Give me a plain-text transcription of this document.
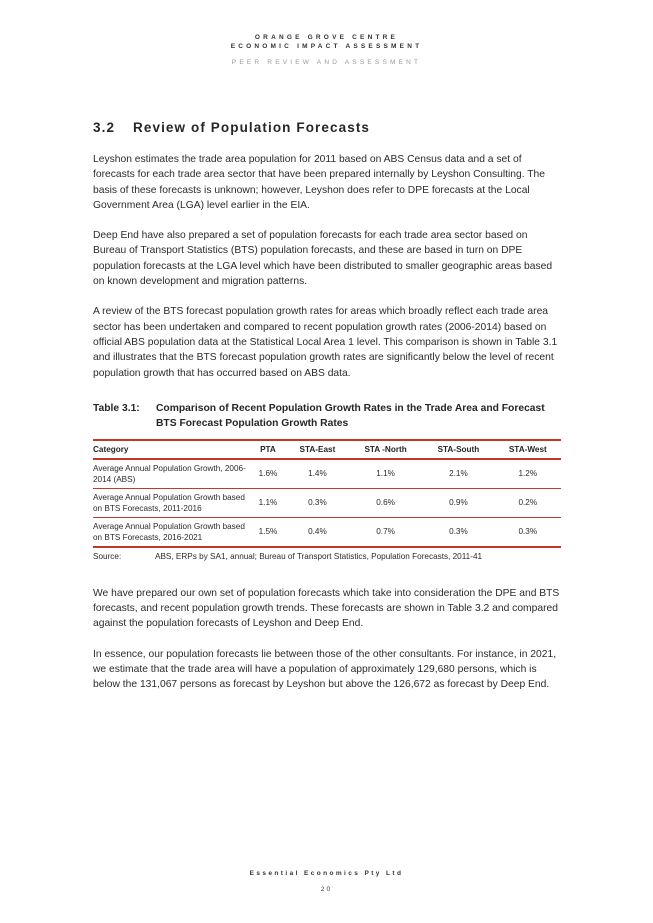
ORANGE GROVE CENTRE
ECONOMIC IMPACT ASSESSMENT
PEER REVIEW AND ASSESSMENT
3.2 Review of Population Forecasts

Leyshon estimates the trade area population for 2011 based on ABS Census data and a set of forecasts for each trade area sector that have been prepared internally by Leyshon Consulting. The basis of these forecasts is unknown; however, Leyshon does refer to DPE forecasts at the Local Government Area (LGA) level earlier in the EIA.

Deep End have also prepared a set of population forecasts for each trade area sector based on Bureau of Transport Statistics (BTS) population forecasts, and these are based in turn on DPE population forecasts at the LGA level which have been distributed to smaller geographic areas based on known development and migration patterns.

A review of the BTS forecast population growth rates for areas which broadly reflect each trade area sector has been undertaken and compared to recent population growth rates (2006-2014) based on official ABS population data at the Statistical Local Area 1 level. This comparison is shown in Table 3.1 and illustrates that the BTS forecast population growth rates are significantly below the level of recent population growth that has occurred based on ABS data.

Table 3.1:	Comparison of Recent Population Growth Rates in the Trade Area and Forecast BTS Forecast Population Growth Rates
Category	PTA	STA-East	STA -North	STA-South	STA-West
Average Annual Population Growth, 2006-2014 (ABS)	1.6%	1.4%	1.1%	2.1%	1.2%
Average Annual Population Growth based on BTS Forecasts, 2011-2016	1.1%	0.3%	0.6%	0.9%	0.2%
Average Annual Population Growth based on BTS Forecasts, 2016-2021	1.5%	0.4%	0.7%	0.3%	0.3%
Source:	ABS, ERPs by SA1, annual; Bureau of Transport Statistics, Population Forecasts, 2011-41

We have prepared our own set of population forecasts which take into consideration the DPE and BTS forecasts, and recent population growth trends. These forecasts are shown in Table 3.2 and compared against the population forecasts of Leyshon and Deep End.

In essence, our population forecasts lie between those of the other consultants. For instance, in 2021, we estimate that the trade area will have a population of approximately 129,680 persons, which is below the 131,067 persons as forecast by Leyshon but above the 126,672 as forecast by Deep End.

Essential Economics Pty Ltd
20
